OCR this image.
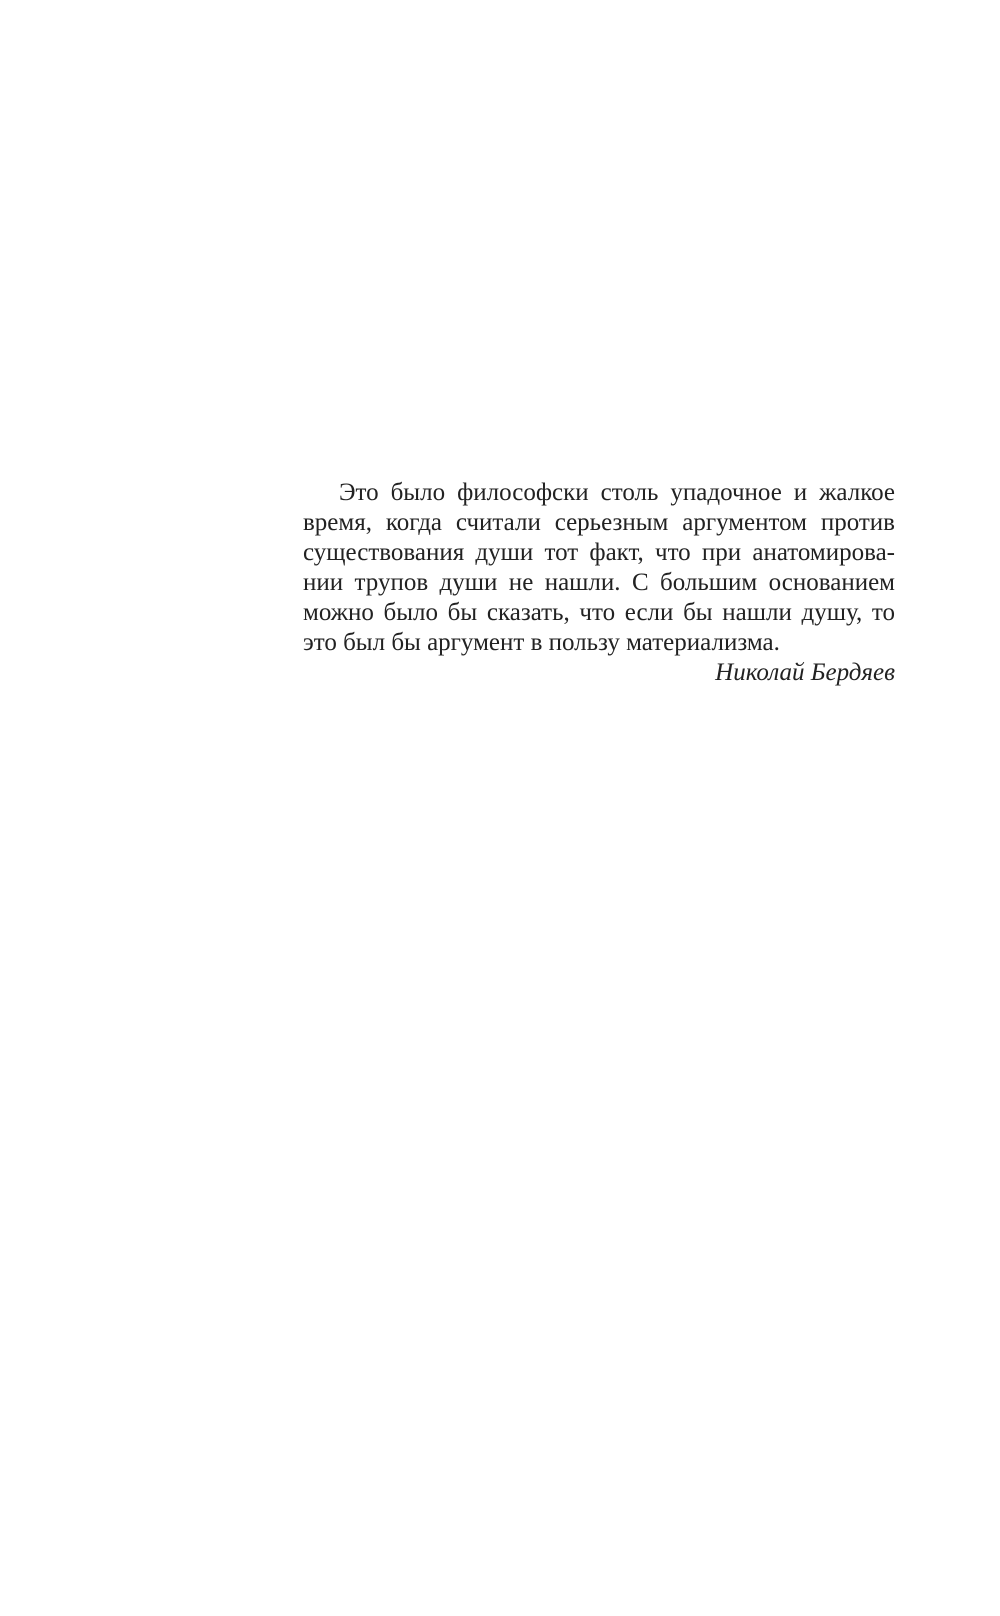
Это было философски столь упадочное и жалкое
время, когда считали серьезным аргументом против
существования души тот факт, что при анатомирова-
нии трупов души не нашли. С большим основанием
можно было бы сказать, что если бы нашли душу, то
это был бы аргумент в пользу материализма.
Николай Бердяев
